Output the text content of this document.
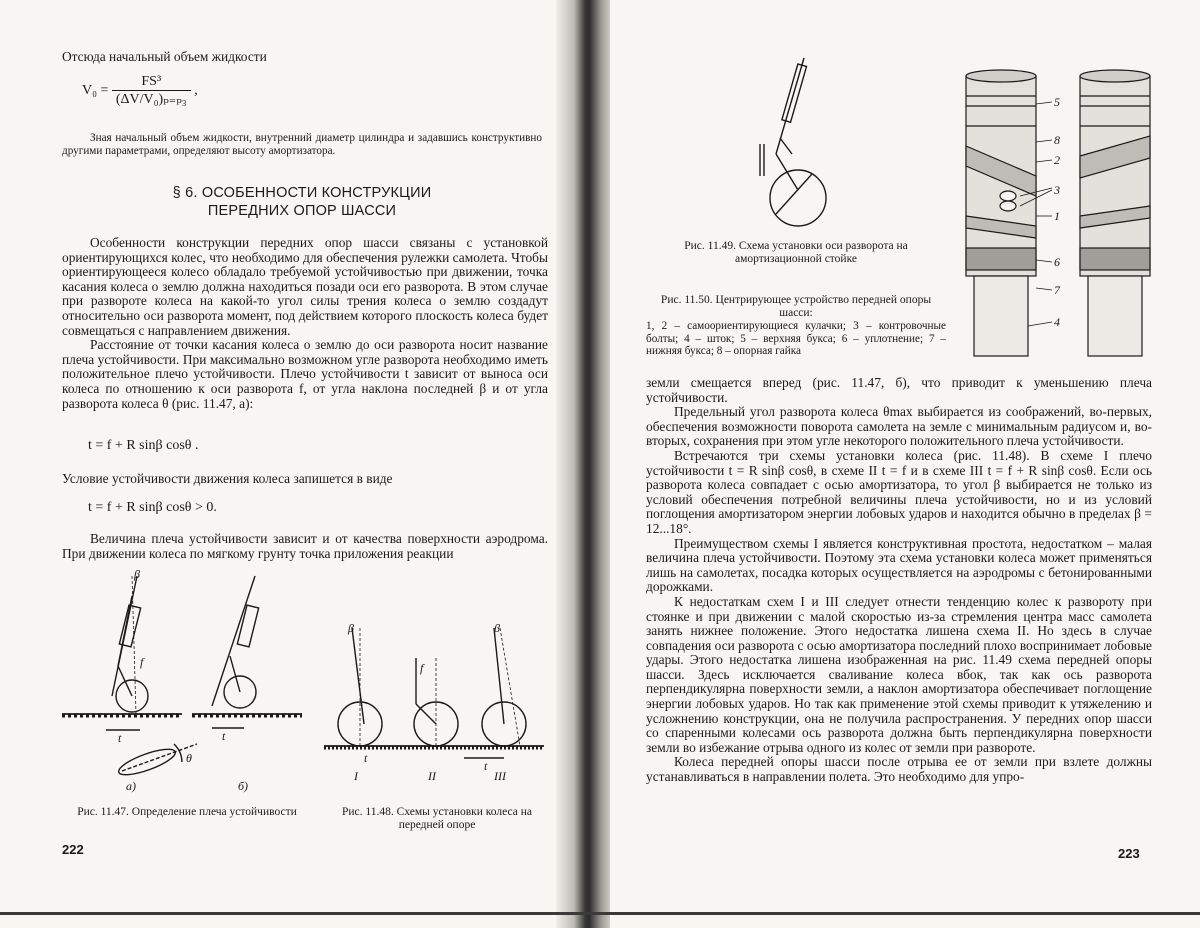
Отсюда начальный объем жидкости
$V_0 = \frac{\text{FS³}}{\text{(ΔV/V₀)ₚ₌ₚ₃}}$ ,
Зная начальный объем жидкости, внутренний диаметр цилиндра и задавшись конструктивно другими параметрами, определяют высоту амортизатора.
§ 6. ОСОБЕННОСТИ КОНСТРУКЦИИ
ПЕРЕДНИХ ОПОР ШАССИ

Особенности конструкции передних опор шасси связаны с установкой ориентирующихся колес, что необходимо для обеспечения рулежки самолета. Чтобы ориентирующееся колесо обладало требуемой устойчивостью при движении, точка касания колеса о землю должна находиться позади оси его разворота. В этом случае при развороте колеса на какой-то угол силы трения колеса о землю создадут относительно оси разворота момент, под действием которого плоскость колеса будет совмещаться с направлением движения.

Расстояние от точки касания колеса о землю до оси разворота носит название плеча устойчивости. При максимально возможном угле разворота необходимо иметь положительное плечо устойчивости. Плечо устойчивости t зависит от выноса оси колеса по отношению к оси разворота f, от угла наклона последней β и от угла разворота колеса θ (рис. 11.47, а):

t = f + R sinβ cosθ .
Условие устойчивости движения колеса запишется в виде
t = f + R sinβ cosθ > 0.
Величина плеча устойчивости зависит и от качества поверхности аэродрома. При движении колеса по мягкому грунту точка приложения реакции
β
f
t
θ
а)	б)
t
Рис. 11.47. Определение плеча устойчивости
β
f
β
t
t
I	II	III
Рис. 11.48. Схемы установки колеса на передней опоре
222
Рис. 11.49. Схема установки оси разворота на амортизационной стойке
Рис. 11.50. Центрирующее устройство передней опоры шасси:
1, 2 – самоориентирующиеся кулачки; 3 – контровочные болты; 4 – шток; 5 – верхняя букса; 6 – уплотнение; 7 – нижняя букса; 8 – опорная гайка
5
8
2
3
1
6
7
4

земли смещается вперед (рис. 11.47, б), что приводит к уменьшению плеча устойчивости.

Предельный угол разворота колеса θmax выбирается из соображений, во-первых, обеспечения возможности поворота самолета на земле с минимальным радиусом и, во-вторых, сохранения при этом угле некоторого положительного плеча устойчивости.

Встречаются три схемы установки колеса (рис. 11.48). В схеме I плечо устойчивости t = R sinβ cosθ, в схеме II t = f и в схеме III t = f + R sinβ cosθ. Если ось разворота колеса совпадает с осью амортизатора, то угол β выбирается не только из условий обеспечения потребной величины плеча устойчивости, но и из условий поглощения амортизатором энергии лобовых ударов и находится обычно в пределах β = 12...18°.

Преимуществом схемы I является конструктивная простота, недостатком – малая величина плеча устойчивости. Поэтому эта схема установки колеса может применяться лишь на самолетах, посадка которых осуществляется на аэродромы с бетонированными дорожками.

К недостаткам схем I и III следует отнести тенденцию колес к развороту при стоянке и при движении с малой скоростью из-за стремления центра масс самолета занять нижнее положение. Этого недостатка лишена схема II. Но здесь в случае совпадения оси разворота с осью амортизатора последний плохо воспринимает лобовые удары. Этого недостатка лишена изображенная на рис. 11.49 схема передней опоры шасси. Здесь исключается сваливание колеса вбок, так как ось разворота перпендикулярна поверхности земли, а наклон амортизатора обеспечивает поглощение энергии лобовых ударов. Но так как применение этой схемы приводит к утяжелению и усложнению конструкции, она не получила распространения. У передних опор шасси со спаренными колесами ось разворота должна быть перпендикулярна поверхности земли во избежание отрыва одного из колес от земли при развороте.

Колеса передней опоры шасси после отрыва ее от земли при взлете должны устанавливаться в направлении полета. Это необходимо для упро-

223
